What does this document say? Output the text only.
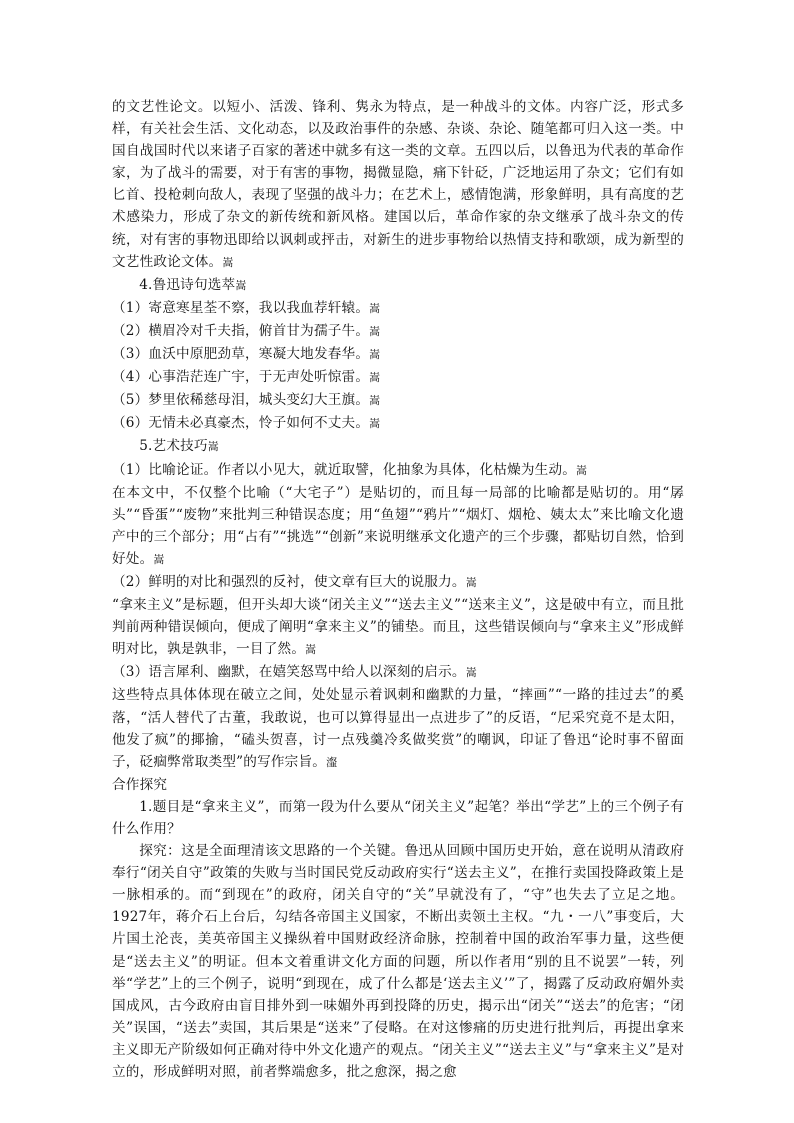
的文艺性论文。以短小、活泼、锋利、隽永为特点，是一种战斗的文体。内容广泛，形式多样，有关社会生活、文化动态，以及政治事件的杂感、杂谈、杂论、随笔都可归入这一类。中国自战国时代以来诸子百家的著述中就多有这一类的文章。五四以后，以鲁迅为代表的革命作家，为了战斗的需要，对于有害的事物，揭微显隐，痛下针砭，广泛地运用了杂文；它们有如匕首、投枪刺向敌人，表现了坚强的战斗力；在艺术上，感情饱满，形象鲜明，具有高度的艺术感染力，形成了杂文的新传统和新风格。建国以后，革命作家的杂文继承了战斗杂文的传统，对有害的事物迅即给以讽刺或抨击，对新生的进步事物给以热情支持和歌颂，成为新型的文艺性政论文体。嵩

4.鲁迅诗句选萃嵩

（1）寄意寒星荃不察，我以我血荐轩辕。嵩

（2）横眉冷对千夫指，俯首甘为孺子牛。嵩

（3）血沃中原肥劲草，寒凝大地发春华。嵩

（4）心事浩茫连广宇，于无声处听惊雷。嵩

（5）梦里依稀慈母泪，城头变幻大王旗。嵩

（6）无情未必真豪杰，怜子如何不丈夫。嵩

5.艺术技巧嵩

（1）比喻论证。作者以小见大，就近取譬，化抽象为具体，化枯燥为生动。嵩

在本文中，不仅整个比喻（“大宅子”）是贴切的，而且每一局部的比喻都是贴切的。用“孱头”“昏蛋”“废物”来批判三种错误态度；用“鱼翅”“鸦片”“烟灯、烟枪、姨太太”来比喻文化遗产中的三个部分；用“占有”“挑选”“创新”来说明继承文化遗产的三个步骤，都贴切自然，恰到好处。嵩

（2）鲜明的对比和强烈的反衬，使文章有巨大的说服力。嵩

“拿来主义”是标题，但开头却大谈“闭关主义”“送去主义”“送来主义”，这是破中有立，而且批判前两种错误倾向，便成了阐明“拿来主义”的铺垫。而且，这些错误倾向与“拿来主义”形成鲜明对比，孰是孰非，一目了然。嵩

（3）语言犀利、幽默，在嬉笑怒骂中给人以深刻的启示。嵩

这些特点具体体现在破立之间，处处显示着讽刺和幽默的力量，“摔画”“一路的挂过去”的奚落，“活人替代了古董，我敢说，也可以算得显出一点进步了”的反语，“尼采究竟不是太阳，他发了疯”的揶揄，“磕头贺喜，讨一点残羹冷炙做奖赏”的嘲讽，印证了鲁迅“论时事不留面子，砭痼弊常取类型”的写作宗旨。瀣

合作探究

1.题目是“拿来主义”，而第一段为什么要从“闭关主义”起笔？举出“学艺”上的三个例子有什么作用？

探究：这是全面理清该文思路的一个关键。鲁迅从回顾中国历史开始，意在说明从清政府奉行“闭关自守”政策的失败与当时国民党反动政府实行“送去主义”，在推行卖国投降政策上是一脉相承的。而“到现在”的政府，闭关自守的“关”早就没有了，“守”也失去了立足之地。1927年，蒋介石上台后，勾结各帝国主义国家，不断出卖领土主权。“九・一八”事变后，大片国土沦丧，美英帝国主义操纵着中国财政经济命脉，控制着中国的政治军事力量，这些便是“送去主义”的明证。但本文着重讲文化方面的问题，所以作者用“别的且不说罢”一转，列举“学艺”上的三个例子，说明“到现在，成了什么都是‘送去主义’”了，揭露了反动政府媚外卖国成风，古今政府由盲目排外到一味媚外再到投降的历史，揭示出“闭关”“送去”的危害；“闭关”误国，“送去”卖国，其后果是“送来”了侵略。在对这惨痛的历史进行批判后，再提出拿来主义即无产阶级如何正确对待中外文化遗产的观点。“闭关主义”“送去主义”与“拿来主义”是对立的，形成鲜明对照，前者弊端愈多，批之愈深，揭之愈
